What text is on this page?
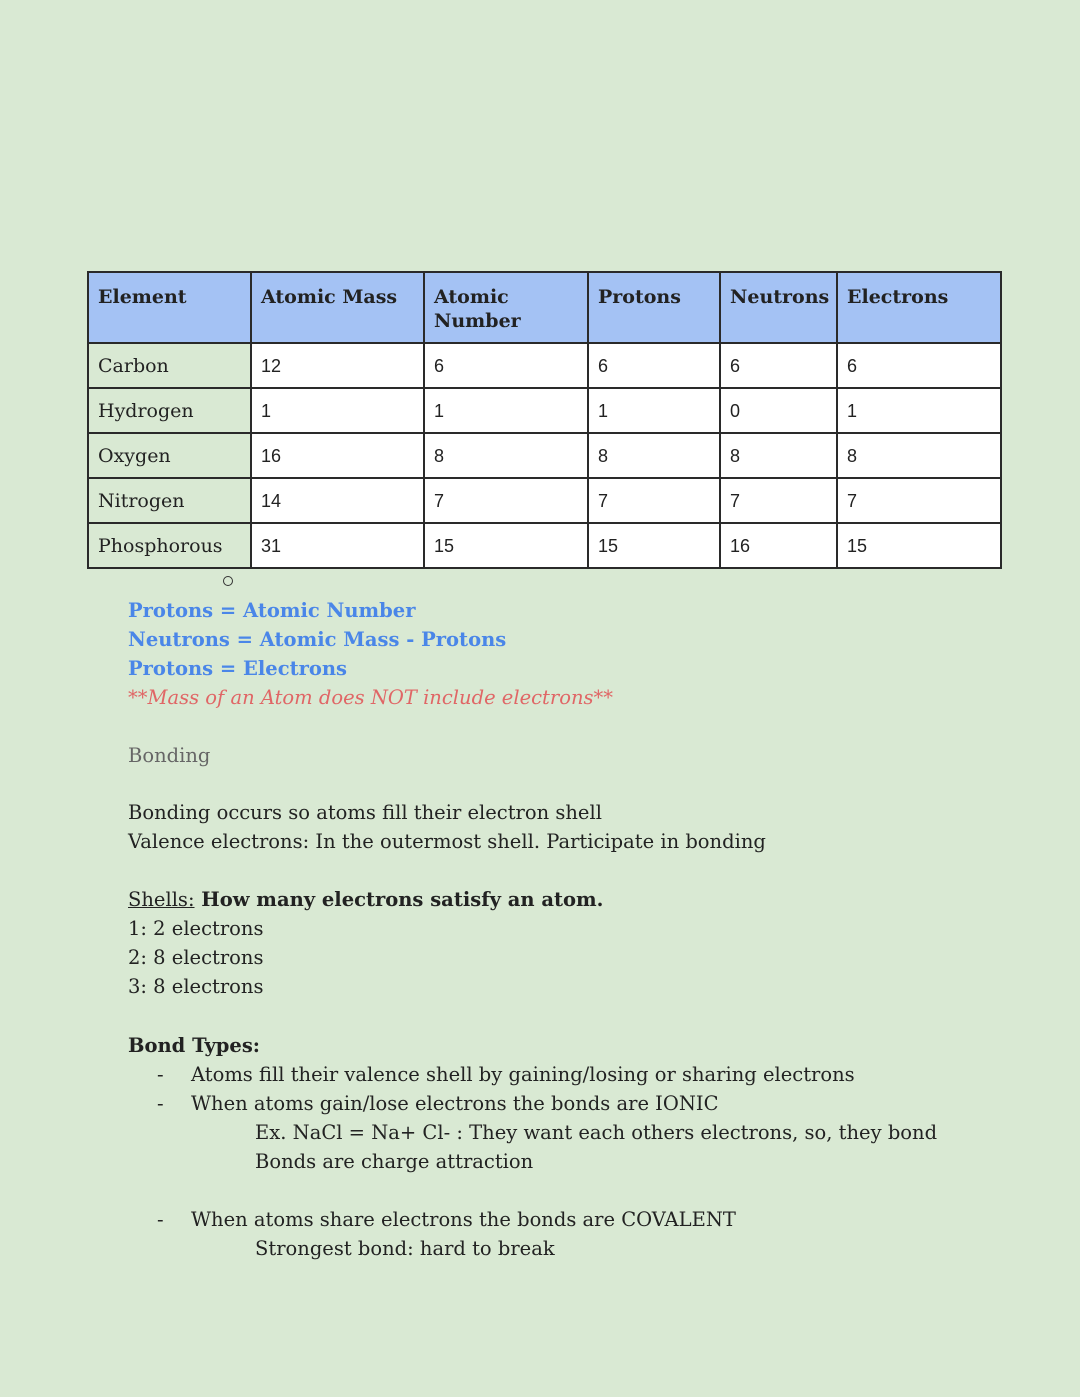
Element	Atomic Mass	Atomic Number	Protons	Neutrons	Electrons
Carbon	12	6	6	6	6
Hydrogen	1	1	1	0	1
Oxygen	16	8	8	8	8
Nitrogen	14	7	7	7	7
Phosphorous	31	15	15	16	15
Protons = Atomic Number
Neutrons = Atomic Mass - Protons
Protons = Electrons
**Mass of an Atom does NOT include electrons**
Bonding
Bonding occurs so atoms fill their electron shell
Valence electrons: In the outermost shell. Participate in bonding
Shells: How many electrons satisfy an atom.
1: 2 electrons
2: 8 electrons
3: 8 electrons
Bond Types:
- Atoms fill their valence shell by gaining/losing or sharing electrons
- When atoms gain/lose electrons the bonds are IONIC
Ex. NaCl = Na+ Cl- : They want each others electrons, so, they bond
Bonds are charge attraction
- When atoms share electrons the bonds are COVALENT
Strongest bond: hard to break
